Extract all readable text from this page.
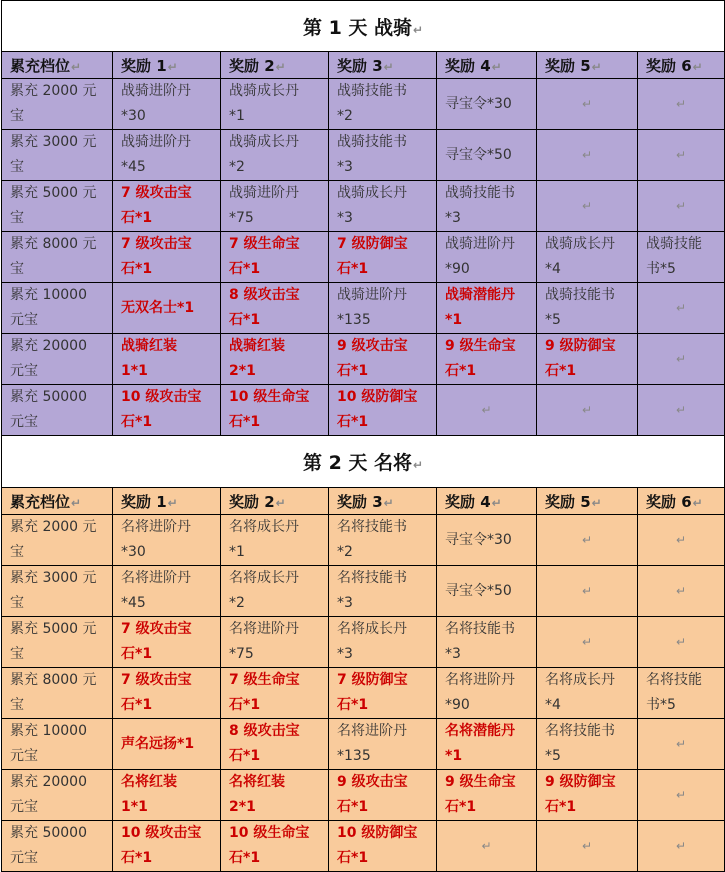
第 1 天 战骑↵						
累充档位↵	奖励 1↵	奖励 2↵	奖励 3↵	奖励 4↵	奖励 5↵	奖励 6↵

累充 2000 元
宝	战骑进阶丹
*30	战骑成长丹
*1	战骑技能书
*2	寻宝令*30	↵	↵

累充 3000 元
宝	战骑进阶丹
*45	战骑成长丹
*2	战骑技能书
*3	寻宝令*50	↵	↵

累充 5000 元
宝	7 级攻击宝
石*1	战骑进阶丹
*75	战骑成长丹
*3	战骑技能书
*3	↵	↵

累充 8000 元
宝	7 级攻击宝
石*1	7 级生命宝
石*1	7 级防御宝
石*1	战骑进阶丹
*90	战骑成长丹
*4	战骑技能
书*5

累充 10000
元宝	无双名士*1	8 级攻击宝
石*1	战骑进阶丹
*135	战骑潜能丹
*1	战骑技能书
*5	↵

累充 20000
元宝	战骑红装
1*1	战骑红装
2*1	9 级攻击宝
石*1	9 级生命宝
石*1	9 级防御宝
石*1	↵

累充 50000
元宝	10 级攻击宝
石*1	10 级生命宝
石*1	10 级防御宝
石*1	↵	↵	↵

第 2 天 名将↵						
累充档位↵	奖励 1↵	奖励 2↵	奖励 3↵	奖励 4↵	奖励 5↵	奖励 6↵

累充 2000 元
宝	名将进阶丹
*30	名将成长丹
*1	名将技能书
*2	寻宝令*30	↵	↵

累充 3000 元
宝	名将进阶丹
*45	名将成长丹
*2	名将技能书
*3	寻宝令*50	↵	↵

累充 5000 元
宝	7 级攻击宝
石*1	名将进阶丹
*75	名将成长丹
*3	名将技能书
*3	↵	↵

累充 8000 元
宝	7 级攻击宝
石*1	7 级生命宝
石*1	7 级防御宝
石*1	名将进阶丹
*90	名将成长丹
*4	名将技能
书*5

累充 10000
元宝	声名远扬*1	8 级攻击宝
石*1	名将进阶丹
*135	名将潜能丹
*1	名将技能书
*5	↵

累充 20000
元宝	名将红装
1*1	名将红装
2*1	9 级攻击宝
石*1	9 级生命宝
石*1	9 级防御宝
石*1	↵

累充 50000
元宝	10 级攻击宝
石*1	10 级生命宝
石*1	10 级防御宝
石*1	↵	↵	↵
